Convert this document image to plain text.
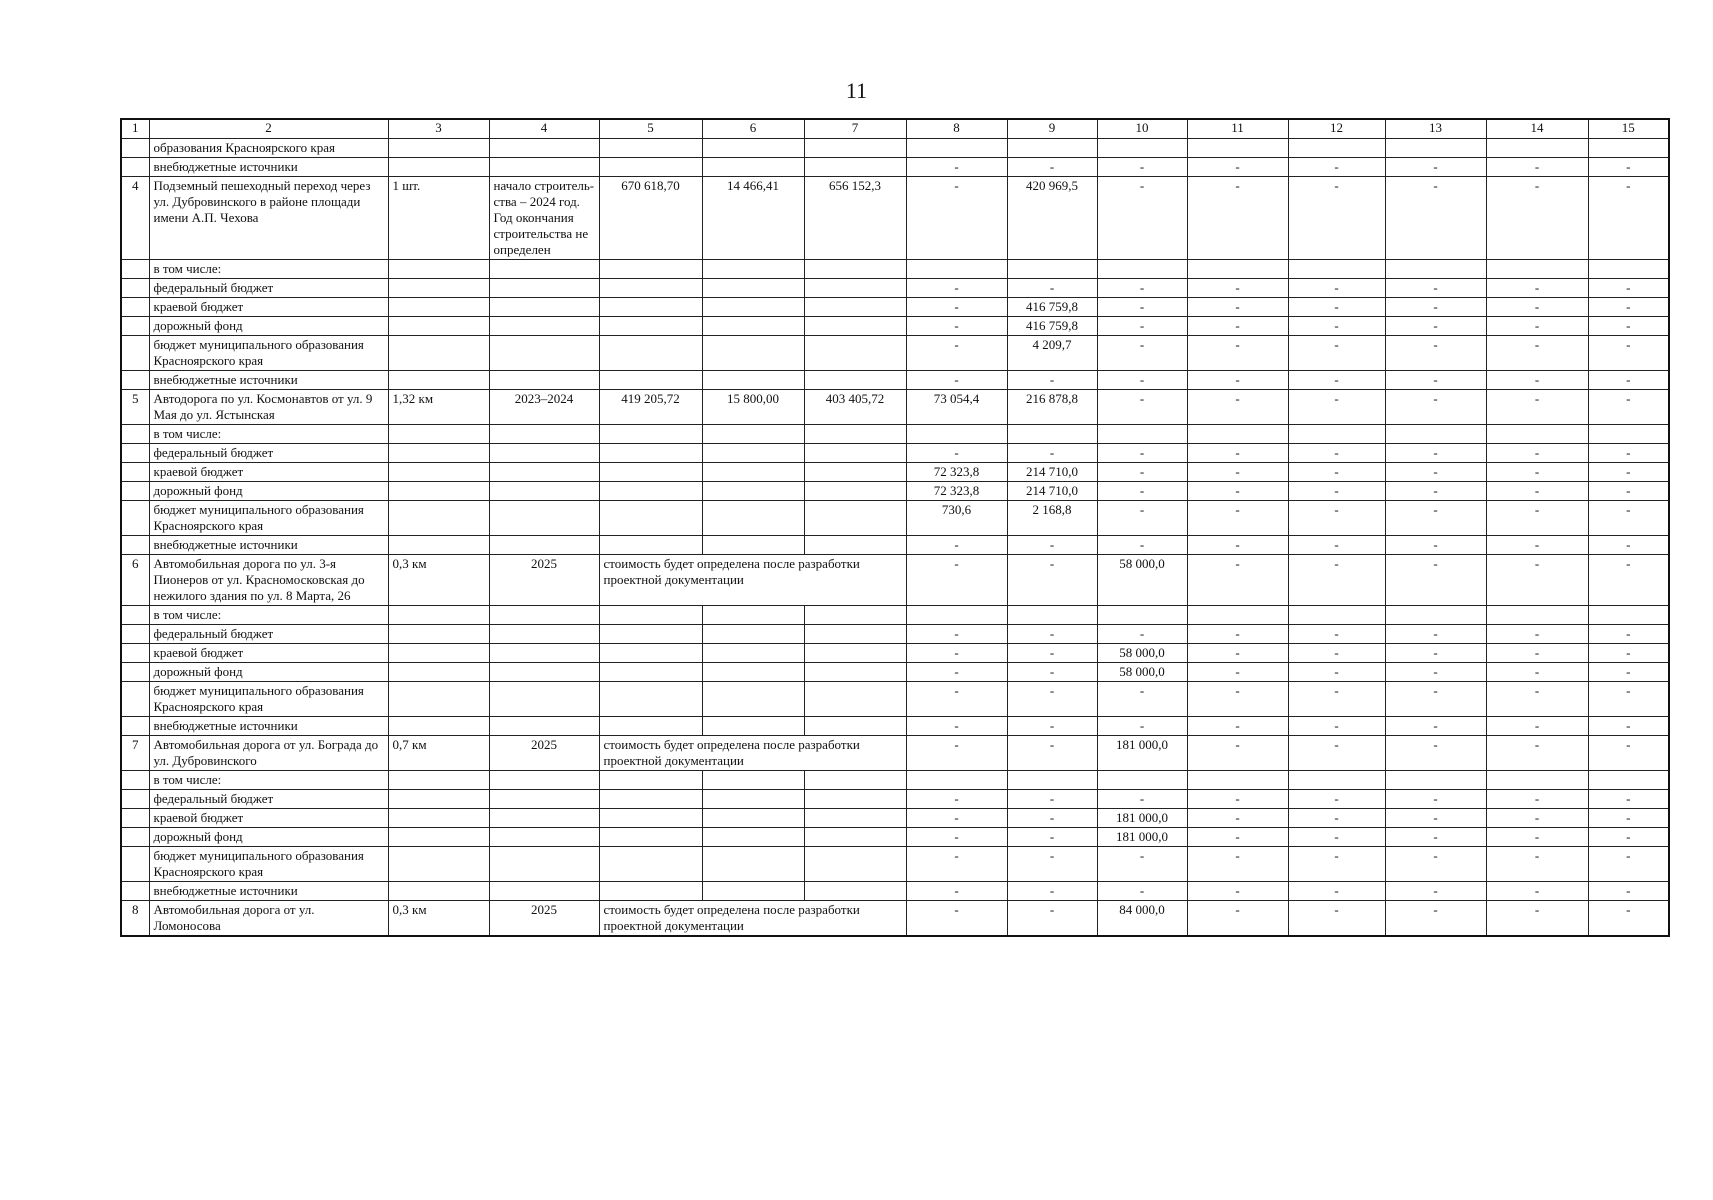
11
1	2	3	4	5	6	7	8	9	10	11	12	13	14	15
	образования Красноярского края													
	внебюджетные источники						-	-	-	-	-	-	-	-
4	Подземный пешеходный переход через ул. Дубровинского в районе площади имени А.П. Чехова	1 шт.	начало строитель-ства – 2024 год. Год окончания строительства не определен	670 618,70	14 466,41	656 152,3	-	420 969,5	-	-	-	-	-	-
	в том числе:													
	федеральный бюджет						-	-	-	-	-	-	-	-
	краевой бюджет						-	416 759,8	-	-	-	-	-	-
	дорожный фонд						-	416 759,8	-	-	-	-	-	-
	бюджет муниципального образования Красноярского края						-	4 209,7	-	-	-	-	-	-
	внебюджетные источники						-	-	-	-	-	-	-	-
5	Автодорога по ул. Космонавтов от ул. 9 Мая до ул. Ястынская	1,32 км	2023–2024	419 205,72	15 800,00	403 405,72	73 054,4	216 878,8	-	-	-	-	-	-
	в том числе:													
	федеральный бюджет						-	-	-	-	-	-	-	-
	краевой бюджет						72 323,8	214 710,0	-	-	-	-	-	-
	дорожный фонд						72 323,8	214 710,0	-	-	-	-	-	-
	бюджет муниципального образования Красноярского края						730,6	2 168,8	-	-	-	-	-	-
	внебюджетные источники						-	-	-	-	-	-	-	-
6	Автомобильная дорога по ул. 3-я Пионеров от ул. Красномосковская до нежилого здания по ул. 8 Марта, 26	0,3 км	2025	стоимость будет определена после разработки проектной документации			-	-	58 000,0	-	-	-	-	-
	в том числе:													
	федеральный бюджет						-	-	-	-	-	-	-	-
	краевой бюджет						-	-	58 000,0	-	-	-	-	-
	дорожный фонд						-	-	58 000,0	-	-	-	-	-
	бюджет муниципального образования Красноярского края						-	-	-	-	-	-	-	-
	внебюджетные источники						-	-	-	-	-	-	-	-
7	Автомобильная дорога от ул. Бограда до ул. Дубровинского	0,7 км	2025	стоимость будет определена после разработки проектной документации			-	-	181 000,0	-	-	-	-	-
	в том числе:													
	федеральный бюджет						-	-	-	-	-	-	-	-
	краевой бюджет						-	-	181 000,0	-	-	-	-	-
	дорожный фонд						-	-	181 000,0	-	-	-	-	-
	бюджет муниципального образования Красноярского края						-	-	-	-	-	-	-	-
	внебюджетные источники						-	-	-	-	-	-	-	-
8	Автомобильная дорога от ул. Ломоносова	0,3 км	2025	стоимость будет определена после разработки проектной документации			-	-	84 000,0	-	-	-	-	-
